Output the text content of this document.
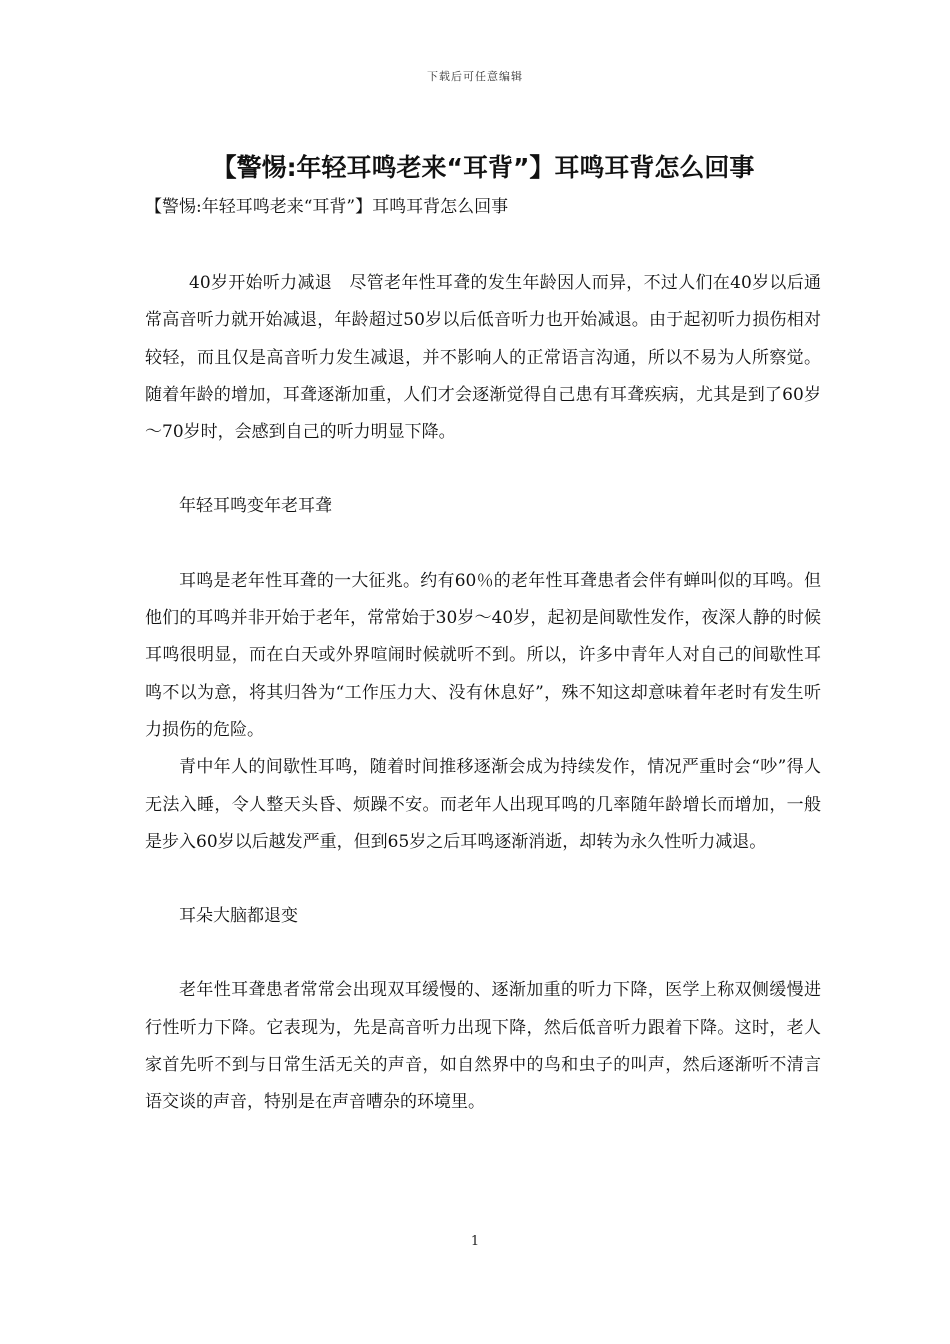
下载后可任意编辑
【警惕:年轻耳鸣老来“耳背”】耳鸣耳背怎么回事
【警惕:年轻耳鸣老来“耳背”】耳鸣耳背怎么回事

40岁开始听力减退　 尽管老年性耳聋的发生年龄因人而异，不过人们在40岁以后通常高音听力就开始减退，年龄超过50岁以后低音听力也开始减退。由于起初听力损伤相对较轻，而且仅是高音听力发生减退，并不影响人的正常语言沟通，所以不易为人所察觉。随着年龄的增加，耳聋逐渐加重，人们才会逐渐觉得自己患有耳聋疾病，尤其是到了60岁～70岁时，会感到自己的听力明显下降。

年轻耳鸣变年老耳聋

耳鸣是老年性耳聋的一大征兆。约有60％的老年性耳聋患者会伴有蝉叫似的耳鸣。但他们的耳鸣并非开始于老年，常常始于30岁～40岁，起初是间歇性发作，夜深人静的时候耳鸣很明显，而在白天或外界喧闹时候就听不到。所以，许多中青年人对自己的间歇性耳鸣不以为意，将其归咎为“工作压力大、没有休息好”，殊不知这却意味着年老时有发生听力损伤的危险。

青中年人的间歇性耳鸣，随着时间推移逐渐会成为持续发作，情况严重时会“吵”得人无法入睡，令人整天头昏、烦躁不安。而老年人出现耳鸣的几率随年龄增长而增加，一般是步入60岁以后越发严重，但到65岁之后耳鸣逐渐消逝，却转为永久性听力减退。

耳朵大脑都退变

老年性耳聋患者常常会出现双耳缓慢的、逐渐加重的听力下降，医学上称双侧缓慢进行性听力下降。它表现为，先是高音听力出现下降，然后低音听力跟着下降。这时，老人家首先听不到与日常生活无关的声音，如自然界中的鸟和虫子的叫声，然后逐渐听不清言语交谈的声音，特别是在声音嘈杂的环境里。

1
